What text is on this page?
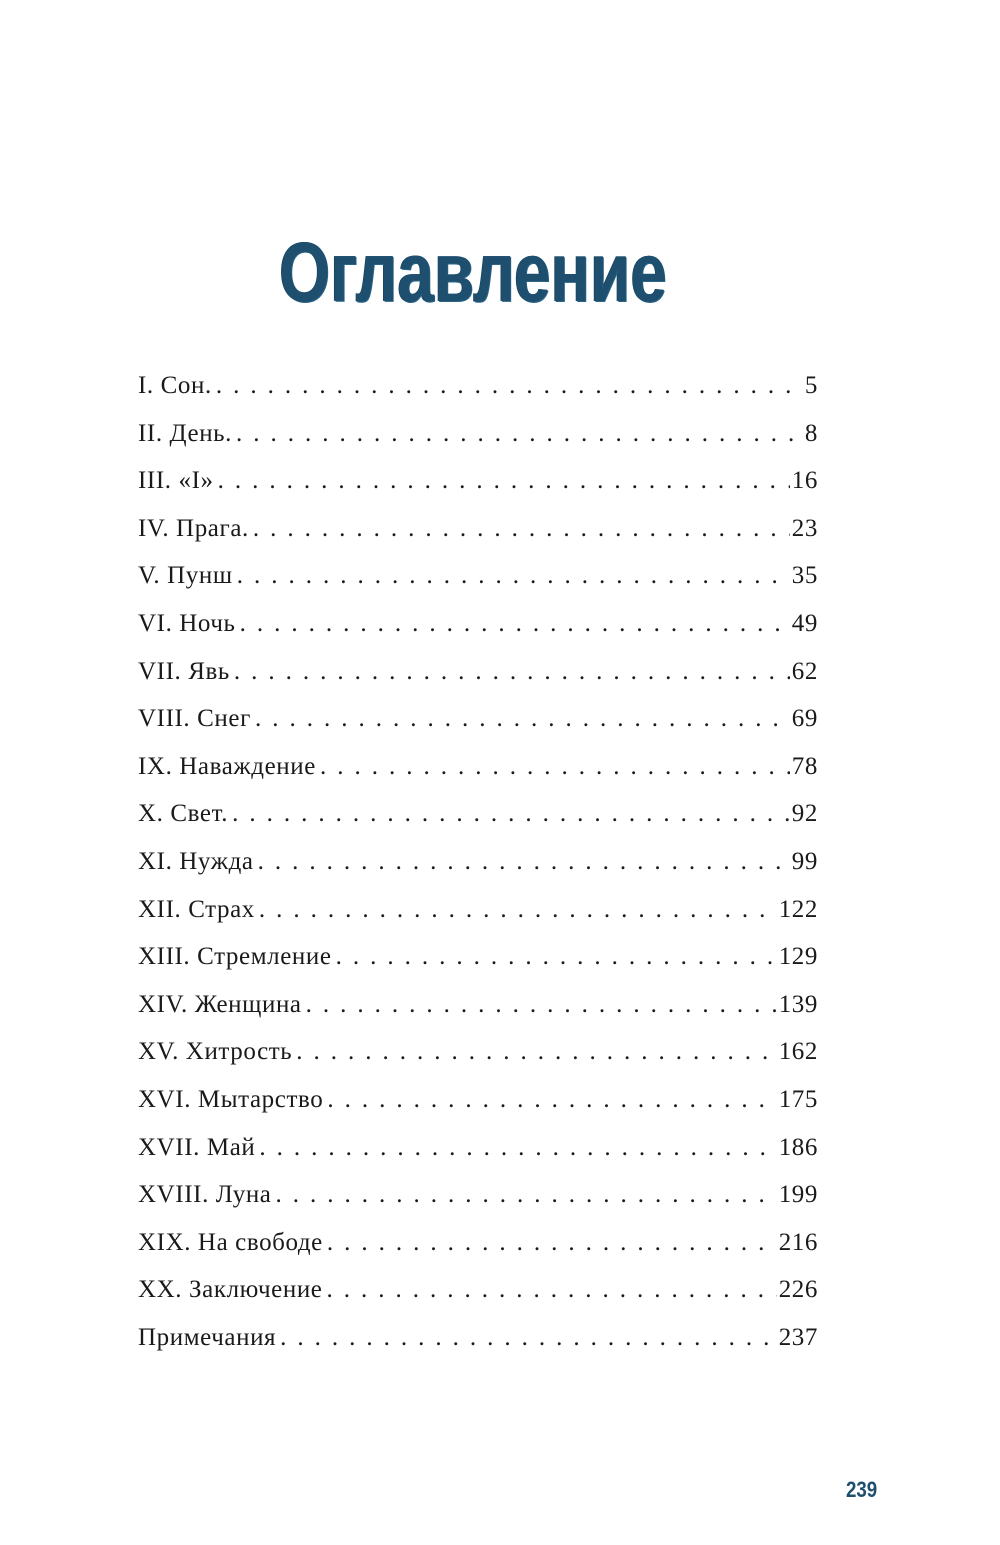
Оглавление
I. Сон. .....	5
II. День. .....	8
III. «I» .....	16
IV. Прага. .....	23
V. Пунш .....	35
VI. Ночь .....	49
VII. Явь .....	62
VIII. Снег .....	69
IX. Наваждение .....	78
X. Свет. .....	92
XI. Нужда .....	99
XII. Страх .....	122
XIII. Стремление .....	129
XIV. Женщина .....	139
XV. Хитрость .....	162
XVI. Мытарство .....	175
XVII. Май .....	186
XVIII. Луна .....	199
XIX. На свободе .....	216
XX. Заключение .....	226
Примечания .....	237
239
